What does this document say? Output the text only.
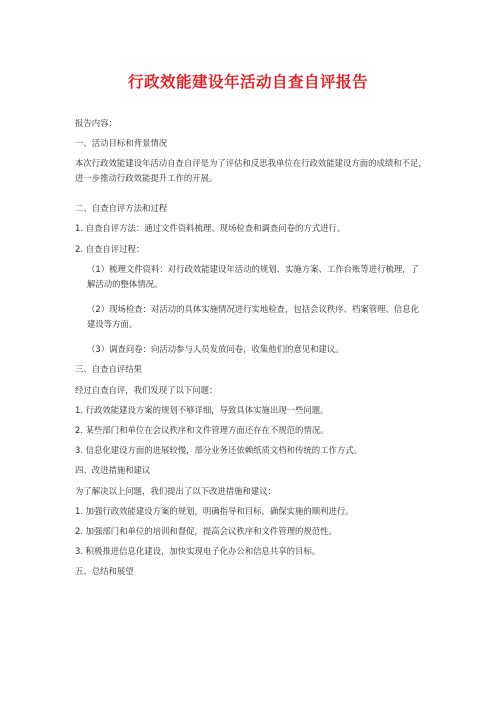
行政效能建设年活动自查自评报告
报告内容：
一、活动目标和背景情况
本次行政效能建设年活动自查自评是为了评估和反思我单位在行政效能建设方面的成绩和不足，进一步推动行政效能提升工作的开展。
二、自查自评方法和过程
1. 自查自评方法：通过文件资料梳理、现场检查和调查问卷的方式进行。
2. 自查自评过程：
（1）梳理文件资料：对行政效能建设年活动的规划、实施方案、工作台账等进行梳理，了解活动的整体情况。
（2）现场检查：对活动的具体实施情况进行实地检查，包括会议秩序、档案管理、信息化建设等方面。
（3）调查问卷：向活动参与人员发放问卷，收集他们的意见和建议。
三、自查自评结果
经过自查自评，我们发现了以下问题：
1. 行政效能建设方案的规划不够详细，导致具体实施出现一些问题。
2. 某些部门和单位在会议秩序和文件管理方面还存在不规范的情况。
3. 信息化建设方面的进展较慢，部分业务还依赖纸质文档和传统的工作方式。
四、改进措施和建议
为了解决以上问题，我们提出了以下改进措施和建议：
1. 加强行政效能建设方案的规划，明确指导和目标，确保实施的顺利进行。
2. 加强部门和单位的培训和督促，提高会议秩序和文件管理的规范性。
3. 积极推进信息化建设，加快实现电子化办公和信息共享的目标。
五、总结和展望
